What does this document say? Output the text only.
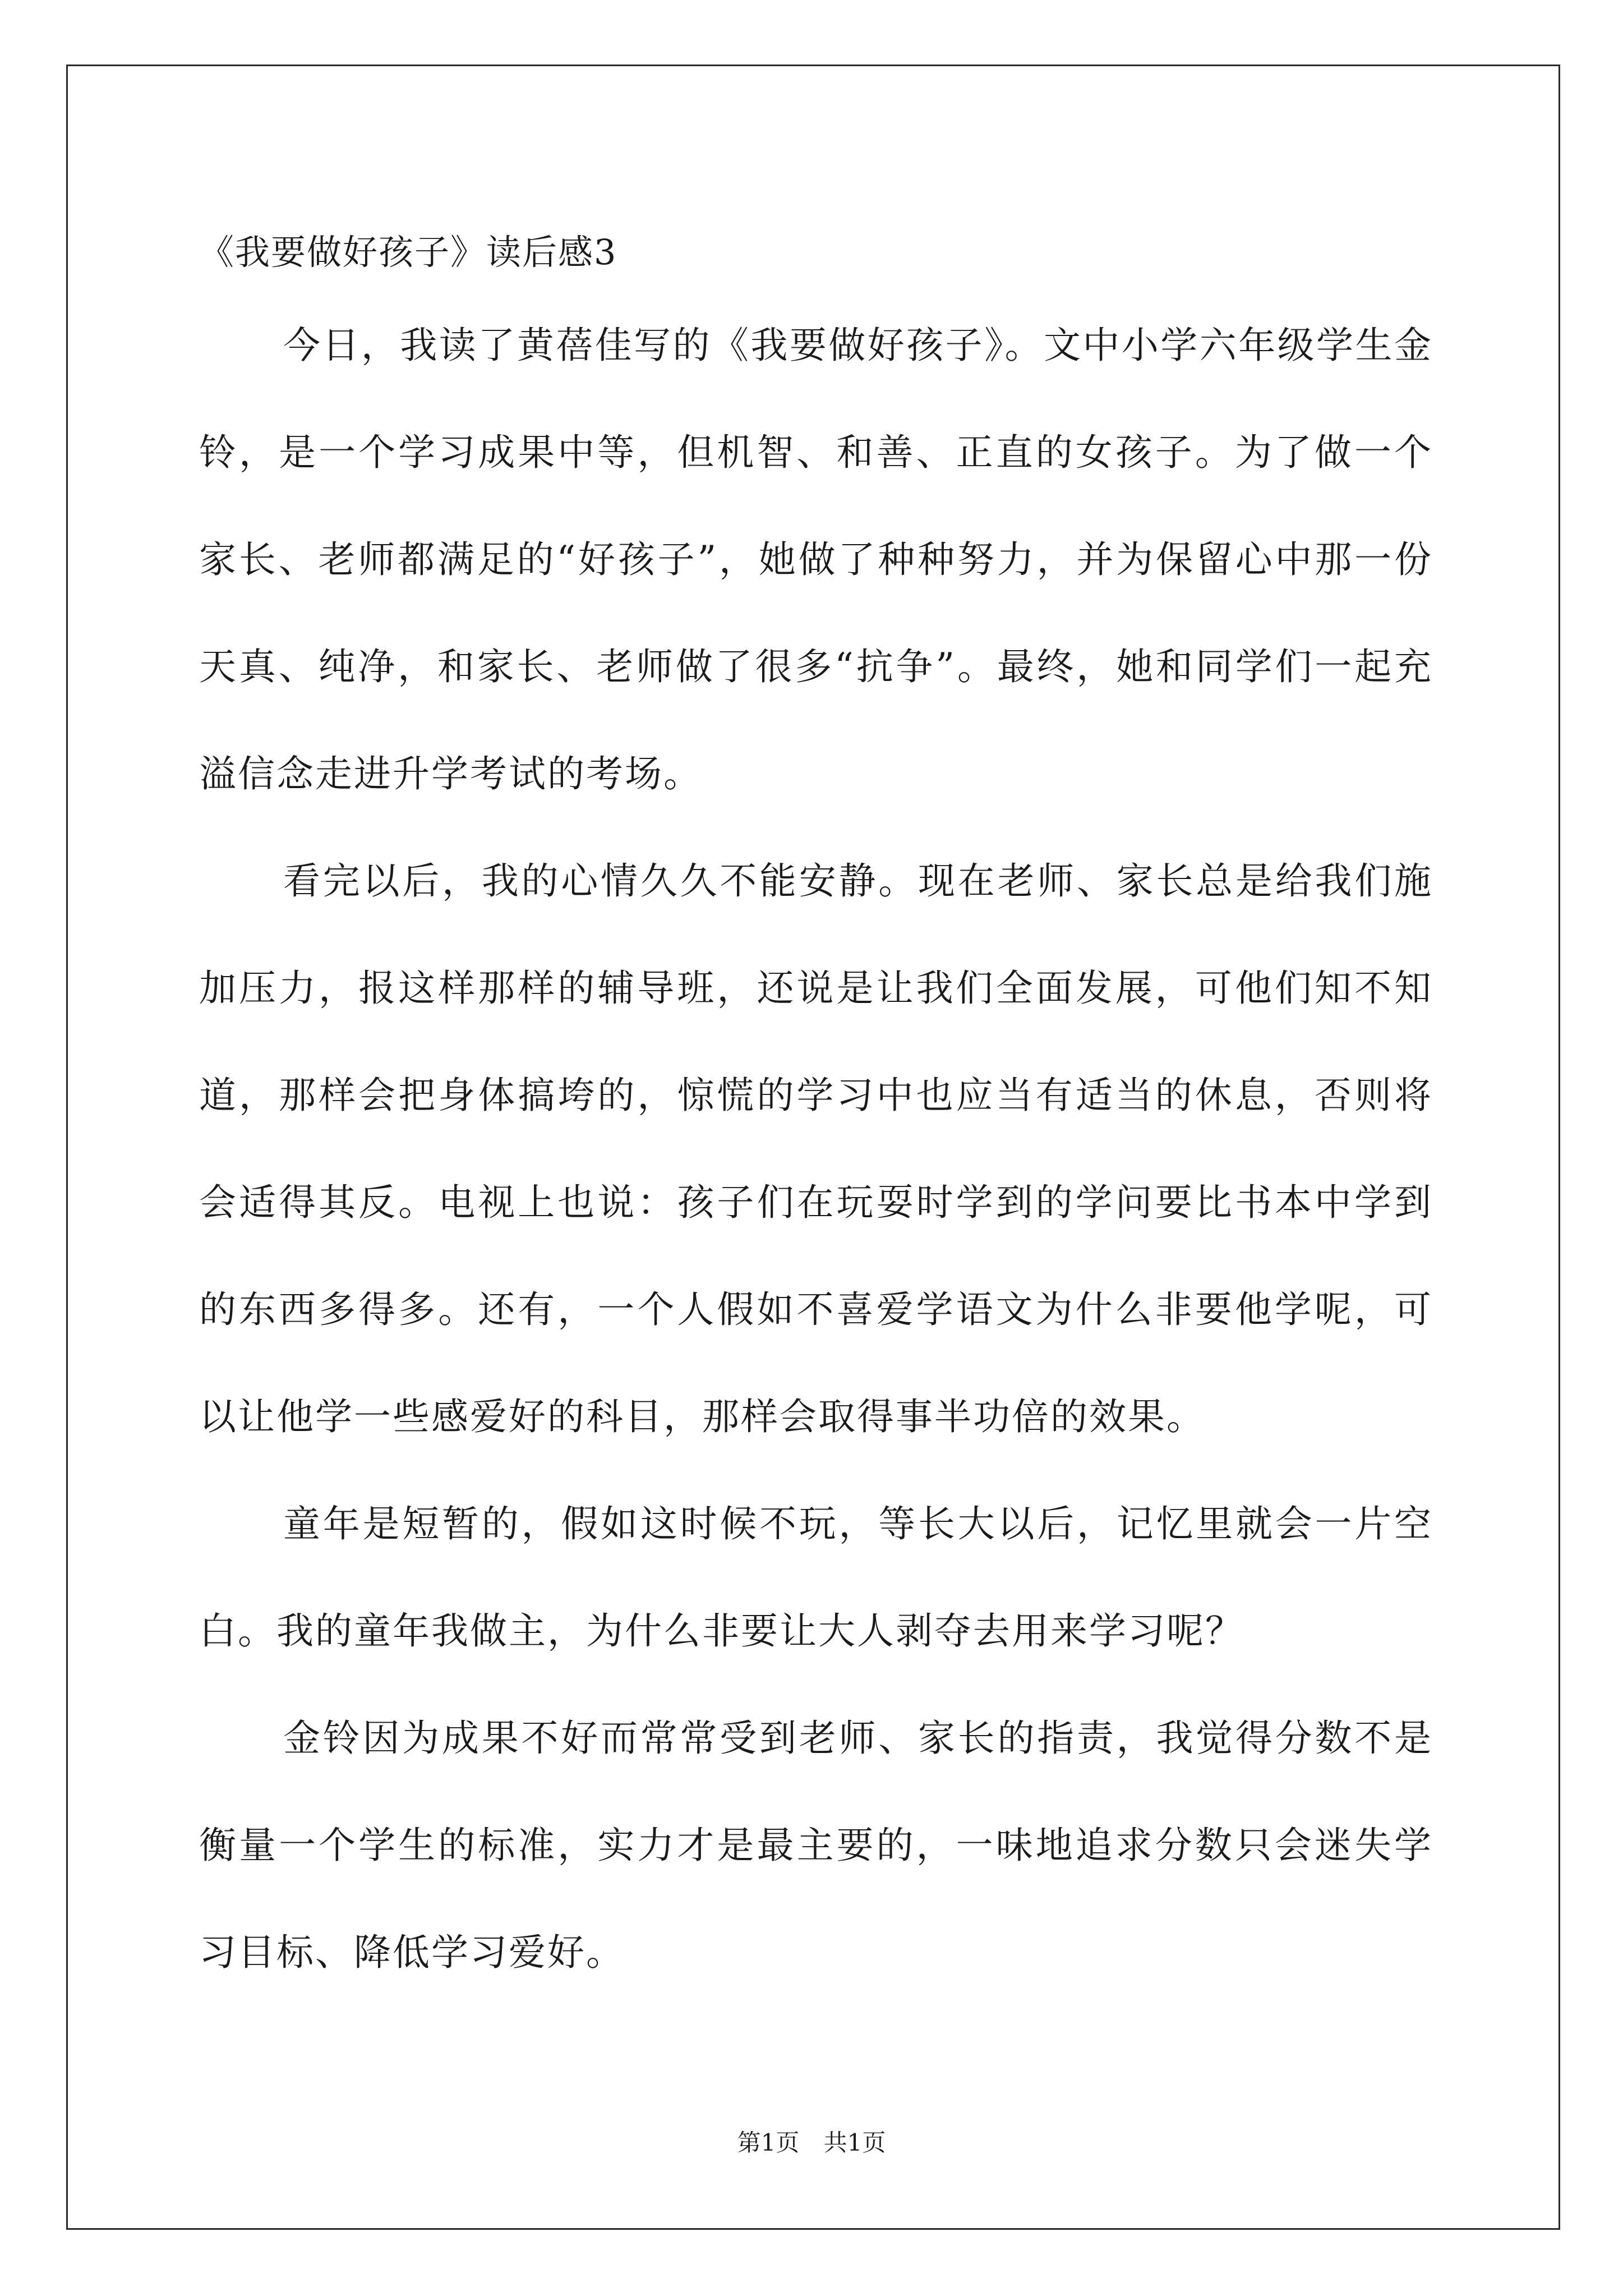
《我要做好孩子》读后感3

今日，我读了黄蓓佳写的《我要做好孩子》。文中小学六年级学生金铃，是一个学习成果中等，但机智、和善、正直的女孩子。为了做一个家长、老师都满足的“好孩子”，她做了种种努力，并为保留心中那一份天真、纯净，和家长、老师做了很多“抗争”。最终，她和同学们一起充溢信念走进升学考试的考场。

看完以后，我的心情久久不能安静。现在老师、家长总是给我们施加压力，报这样那样的辅导班，还说是让我们全面发展，可他们知不知道，那样会把身体搞垮的，惊慌的学习中也应当有适当的休息，否则将会适得其反。电视上也说：孩子们在玩耍时学到的学问要比书本中学到的东西多得多。还有，一个人假如不喜爱学语文为什么非要他学呢，可以让他学一些感爱好的科目，那样会取得事半功倍的效果。

童年是短暂的，假如这时候不玩，等长大以后，记忆里就会一片空白。我的童年我做主，为什么非要让大人剥夺去用来学习呢？

金铃因为成果不好而常常受到老师、家长的指责，我觉得分数不是衡量一个学生的标准，实力才是最主要的，一味地追求分数只会迷失学习目标、降低学习爱好。

第1页 共1页
